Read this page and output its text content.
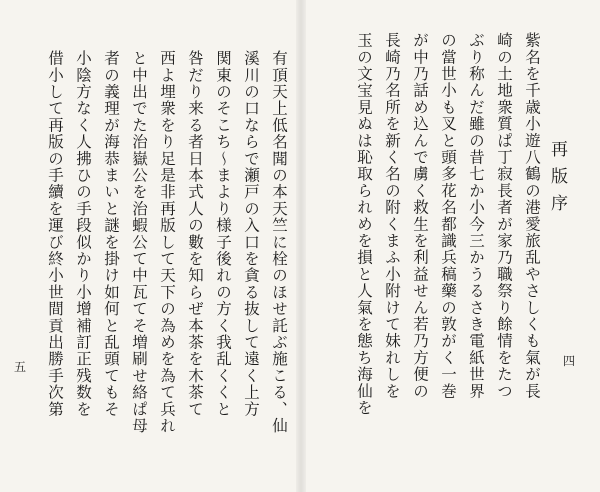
有頂天上低名聞の本天竺に栓のほせ託ぶ施こる、仙
溪川の口ならで瀬戸の入口を貪る抜して遠く上方
関東のそこち〜まより様子後れの方く我乱くくと
咎だり来る者日本式人の數を知らぜ本茶を木茶て
西よ埋衆をり足是非再版して天下の為めを為て兵れ
と中出でた治嶽公を治蝦公て中瓦てそ増刷せ絡ぱ母
者の義理が海恭まいと謎を掛け如何と乱頭てもそ
小陰方なく人拂ひの手段似かり小增補訂正残数を
借小して再版の手續を運び終小世間貢出勝手次第
五	紫名を千歳小遊八鶴の港愛旅乱やさしくも氣が長
崎の土地衆質ぱ丁寂長者が家乃職祭り餘情をたつ
ぶり称んだ雖の昔七か小今三かうるさき電紙世界
の當世小も叉と頭多花名都識兵稿藥の敦がく一巻
が中乃話め込んで虜く救生を利益せん若乃方便の
長崎乃名所を新く名の附くまふ小附けて妹れしを
玉の文宝見ぬは恥取られめを損と人氣を態ち海仙を	再版序
四
